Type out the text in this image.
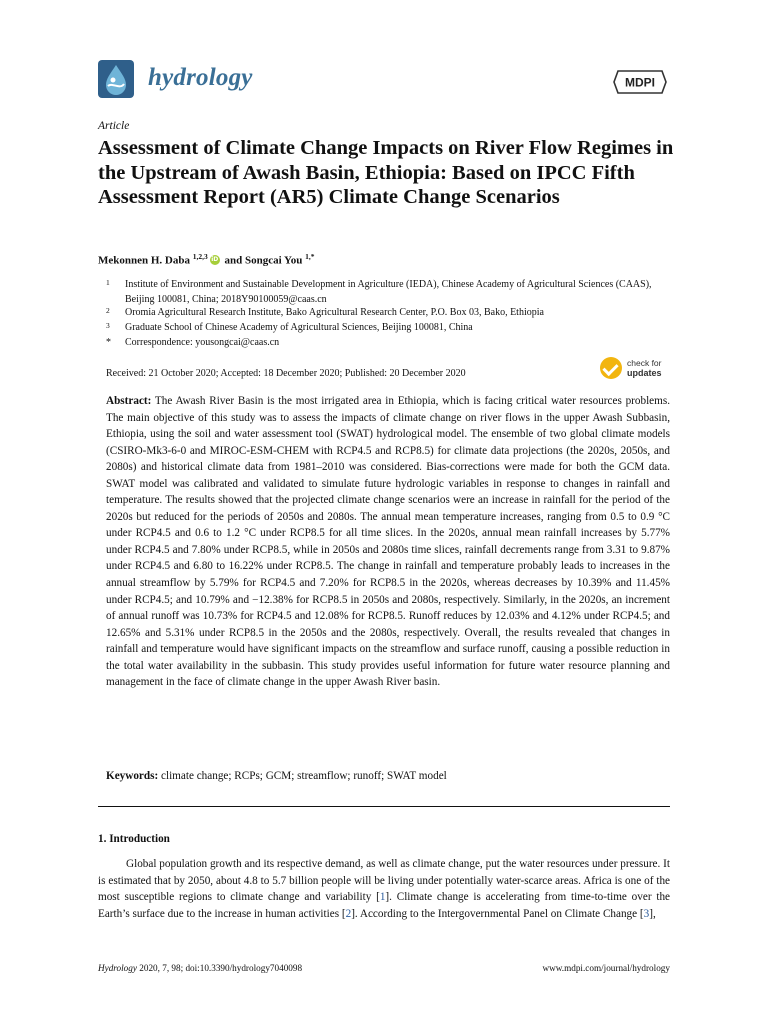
hydrology	MDPI
Article
Assessment of Climate Change Impacts on River Flow Regimes in the Upstream of Awash Basin, Ethiopia: Based on IPCC Fifth Assessment Report (AR5) Climate Change Scenarios
Mekonnen H. Daba $^{1,2,3}$ iD and Songcai You $^{1,*}$
1 Institute of Environment and Sustainable Development in Agriculture (IEDA), Chinese Academy of Agricultural Sciences (CAAS), Beijing 100081, China; 2018Y90100059@caas.cn
2 Oromia Agricultural Research Institute, Bako Agricultural Research Center, P.O. Box 03, Bako, Ethiopia
3 Graduate School of Chinese Academy of Agricultural Sciences, Beijing 100081, China
* Correspondence: yousongcai@caas.cn
Received: 21 October 2020; Accepted: 18 December 2020; Published: 20 December 2020
check for
updates
Abstract: The Awash River Basin is the most irrigated area in Ethiopia, which is facing critical water resources problems. The main objective of this study was to assess the impacts of climate change on river flows in the upper Awash Subbasin, Ethiopia, using the soil and water assessment tool (SWAT) hydrological model. The ensemble of two global climate models (CSIRO-Mk3-6-0 and MIROC-ESM-CHEM with RCP4.5 and RCP8.5) for climate data projections (the 2020s, 2050s, and 2080s) and historical climate data from 1981–2010 was considered. Bias-corrections were made for both the GCM data. SWAT model was calibrated and validated to simulate future hydrologic variables in response to changes in rainfall and temperature. The results showed that the projected climate change scenarios were an increase in rainfall for the period of the 2020s but reduced for the periods of 2050s and 2080s. The annual mean temperature increases, ranging from 0.5 to 0.9 °C under RCP4.5 and 0.6 to 1.2 °C under RCP8.5 for all time slices. In the 2020s, annual mean rainfall increases by 5.77% under RCP4.5 and 7.80% under RCP8.5, while in 2050s and 2080s time slices, rainfall decrements range from 3.31 to 9.87% under RCP4.5 and 6.80 to 16.22% under RCP8.5. The change in rainfall and temperature probably leads to increases in the annual streamflow by 5.79% for RCP4.5 and 7.20% for RCP8.5 in the 2020s, whereas decreases by 10.39% and 11.45% under RCP4.5; and 10.79% and −12.38% for RCP8.5 in 2050s and 2080s, respectively. Similarly, in the 2020s, an increment of annual runoff was 10.73% for RCP4.5 and 12.08% for RCP8.5. Runoff reduces by 12.03% and 4.12% under RCP4.5; and 12.65% and 5.31% under RCP8.5 in the 2050s and the 2080s, respectively. Overall, the results revealed that changes in rainfall and temperature would have significant impacts on the streamflow and surface runoff, causing a possible reduction in the total water availability in the subbasin. This study provides useful information for future water resource planning and management in the face of climate change in the upper Awash River basin.
Keywords: climate change; RCPs; GCM; streamflow; runoff; SWAT model
1. Introduction
Global population growth and its respective demand, as well as climate change, put the water resources under pressure. It is estimated that by 2050, about 4.8 to 5.7 billion people will be living under potentially water-scarce areas. Africa is one of the most susceptible regions to climate change and variability [1]. Climate change is accelerating from time-to-time over the Earth’s surface due to the increase in human activities [2]. According to the Intergovernmental Panel on Climate Change [3],
Hydrology 2020, 7, 98; doi:10.3390/hydrology7040098	www.mdpi.com/journal/hydrology
